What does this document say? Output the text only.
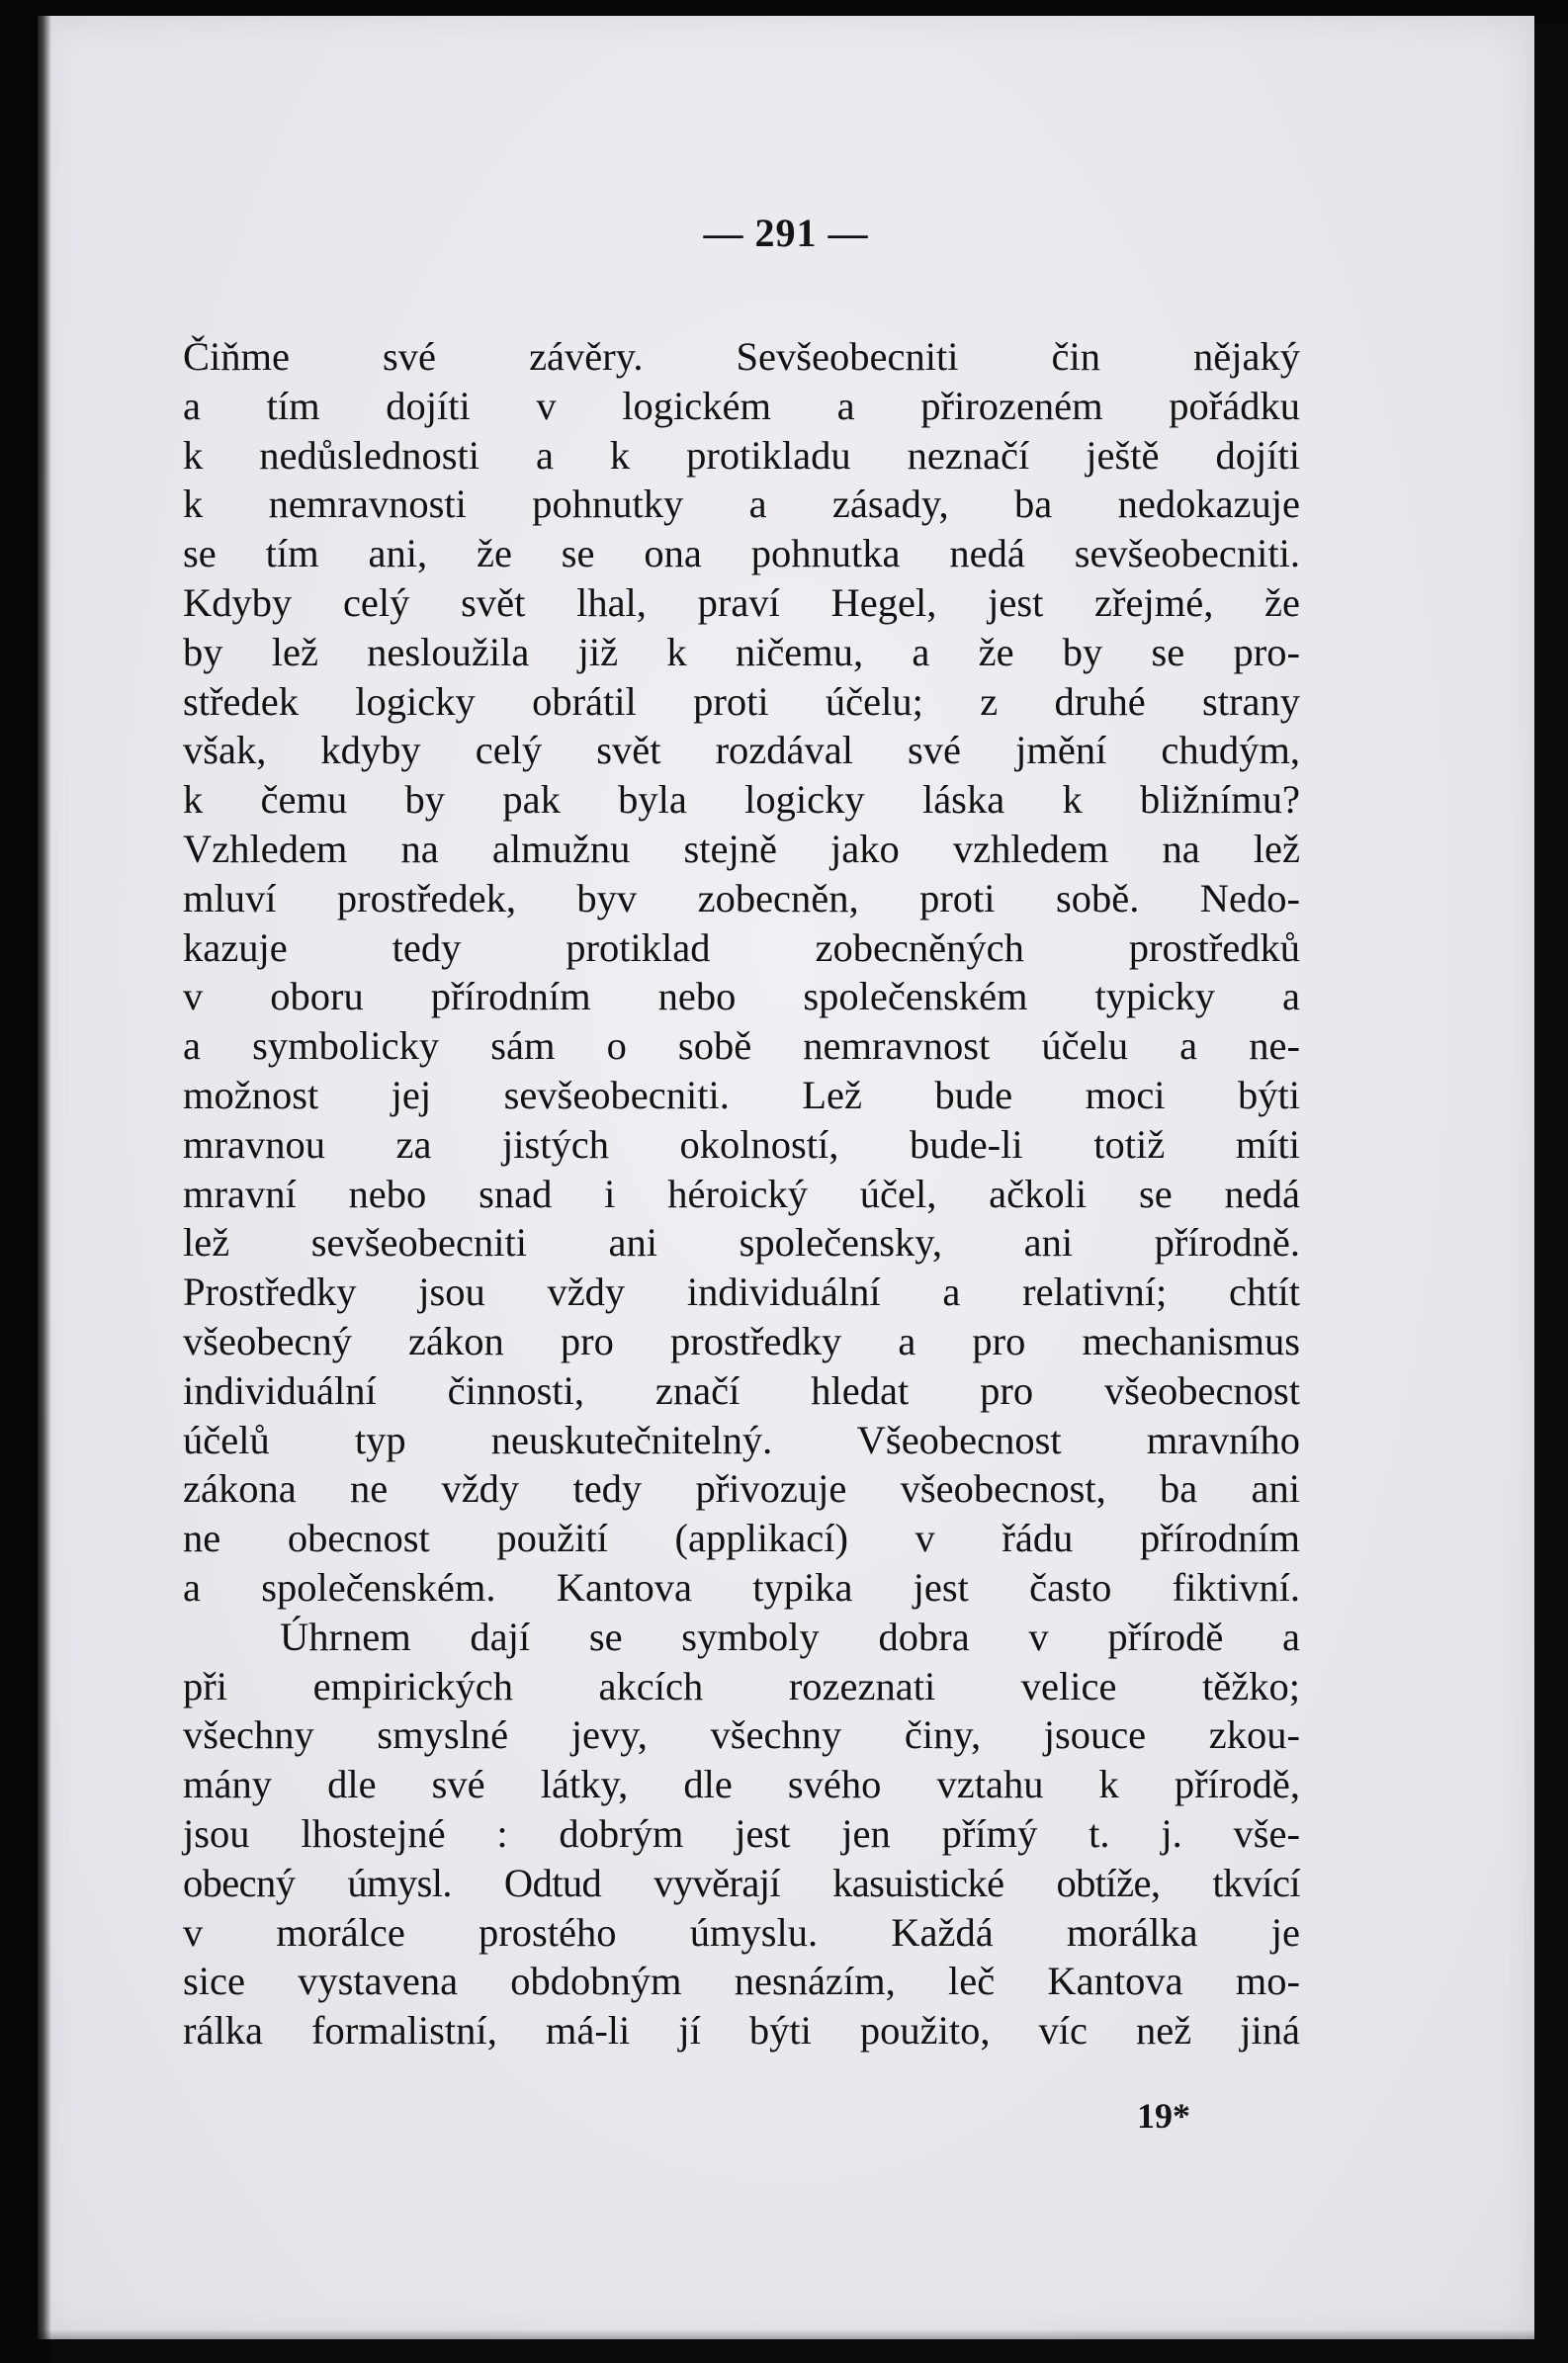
— 291 —
Čiňme své závěry. Sevšeobecniti čin nějaký
a tím dojíti v logickém a přirozeném pořádku
k nedůslednosti a k protikladu neznačí ještě dojíti
k nemravnosti pohnutky a zásady, ba nedokazuje
se tím ani, že se ona pohnutka nedá sevšeobecniti.
Kdyby celý svět lhal, praví Hegel, jest zřejmé, že
by lež nesloužila již k ničemu, a že by se pro-
středek logicky obrátil proti účelu; z druhé strany
však, kdyby celý svět rozdával své jmění chudým,
k čemu by pak byla logicky láska k bližnímu?
Vzhledem na almužnu stejně jako vzhledem na lež
mluví prostředek, byv zobecněn, proti sobě. Nedo-
kazuje tedy protiklad zobecněných prostředků
v oboru přírodním nebo společenském typicky a
a symbolicky sám o sobě nemravnost účelu a ne-
možnost jej sevšeobecniti. Lež bude moci býti
mravnou za jistých okolností, bude-li totiž míti
mravní nebo snad i héroický účel, ačkoli se nedá
lež sevšeobecniti ani společensky, ani přírodně.
Prostředky jsou vždy individuální a relativní; chtít
všeobecný zákon pro prostředky a pro mechanismus
individuální činnosti, značí hledat pro všeobecnost
účelů typ neuskutečnitelný. Všeobecnost mravního
zákona ne vždy tedy přivozuje všeobecnost, ba ani
ne obecnost použití (applikací) v řádu přírodním
a společenském. Kantova typika jest často fiktivní.
Úhrnem dají se symboly dobra v přírodě a
při empirických akcích rozeznati velice těžko;
všechny smyslné jevy, všechny činy, jsouce zkou-
mány dle své látky, dle svého vztahu k přírodě,
jsou lhostejné : dobrým jest jen přímý t. j. vše-
obecný úmysl. Odtud vyvěrají kasuistické obtíže, tkvící
v morálce prostého úmyslu. Každá morálka je
sice vystavena obdobným nesnázím, leč Kantova mo-
rálka formalistní, má-li jí býti použito, víc než jiná
19*
